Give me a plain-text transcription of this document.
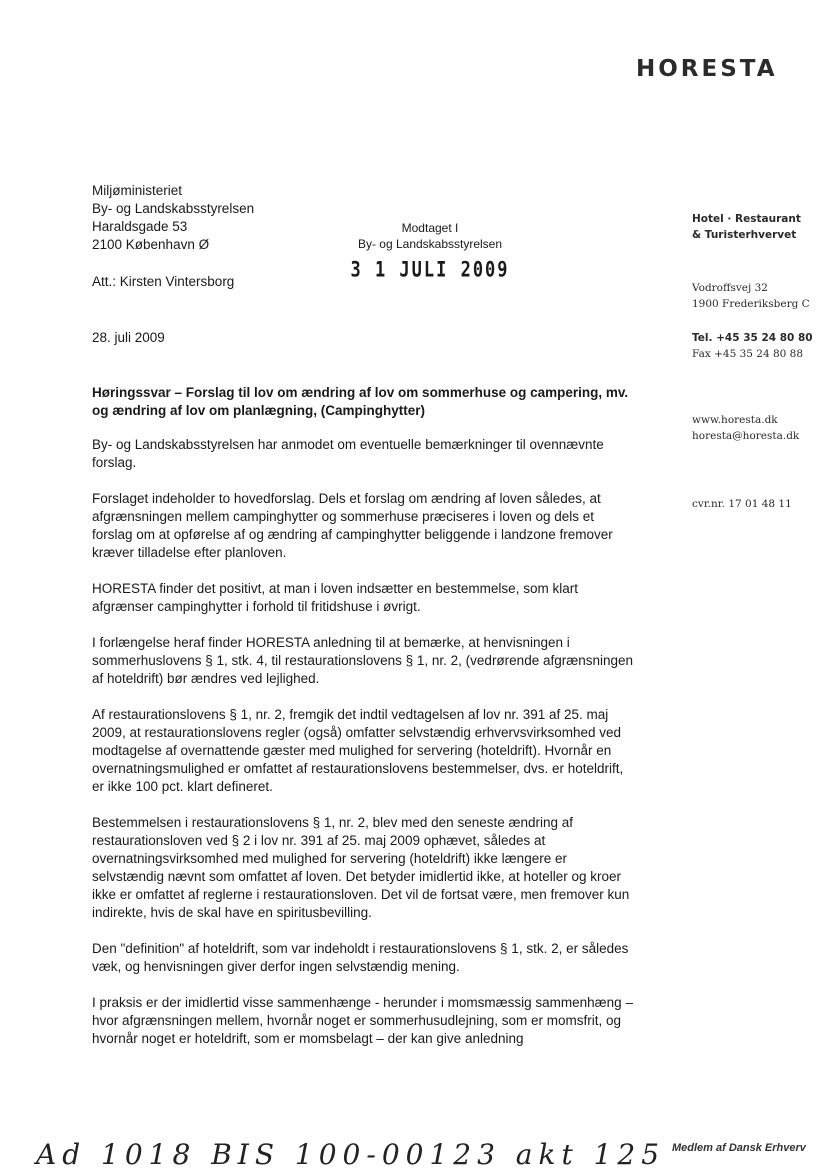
HORESTA
Miljøministeriet
By- og Landskabsstyrelsen
Haraldsgade 53
2100 København Ø
Att.: Kirsten Vintersborg
28. juli 2009
Modtaget I
By- og Landskabsstyrelsen
3 1 JULI 2009
Hotel · Restaurant
& Turisterhvervet
Vodroffsvej 32
1900 Frederiksberg C
Tel. +45 35 24 80 80
Fax +45 35 24 80 88
www.horesta.dk
horesta@horesta.dk
cvr.nr. 17 01 48 11
Høringssvar – Forslag til lov om ændring af lov om sommerhuse og campering, mv. og ændring af lov om planlægning, (Campinghytter)

By- og Landskabsstyrelsen har anmodet om eventuelle bemærkninger til ovennævnte forslag.

Forslaget indeholder to hovedforslag. Dels et forslag om ændring af loven således, at afgrænsningen mellem campinghytter og sommerhuse præciseres i loven og dels et forslag om at opførelse af og ændring af campinghytter beliggende i landzone fremover kræver tilladelse efter planloven.

HORESTA finder det positivt, at man i loven indsætter en bestemmelse, som klart afgrænser campinghytter i forhold til fritidshuse i øvrigt.

I forlængelse heraf finder HORESTA anledning til at bemærke, at henvisningen i sommerhuslovens § 1, stk. 4, til restaurationslovens § 1, nr. 2, (vedrørende afgrænsningen af hoteldrift) bør ændres ved lejlighed.

Af restaurationslovens § 1, nr. 2, fremgik det indtil vedtagelsen af lov nr. 391 af 25. maj 2009, at restaurationslovens regler (også) omfatter selvstændig erhvervsvirksomhed ved modtagelse af overnattende gæster med mulighed for servering (hoteldrift). Hvornår en overnatningsmulighed er omfattet af restaurationslovens bestemmelser, dvs. er hoteldrift, er ikke 100 pct. klart defineret.

Bestemmelsen i restaurationslovens § 1, nr. 2, blev med den seneste ændring af restaurationsloven ved § 2 i lov nr. 391 af 25. maj 2009 ophævet, således at overnatningsvirksomhed med mulighed for servering (hoteldrift) ikke længere er selvstændig nævnt som omfattet af loven. Det betyder imidlertid ikke, at hoteller og kroer ikke er omfattet af reglerne i restaurationsloven. Det vil de fortsat være, men fremover kun indirekte, hvis de skal have en spiritusbevilling.

Den "definition" af hoteldrift, som var indeholdt i restaurationslovens § 1, stk. 2, er således væk, og henvisningen giver derfor ingen selvstændig mening.

I praksis er der imidlertid visse sammenhænge - herunder i momsmæssig sammenhæng – hvor afgrænsningen mellem, hvornår noget er sommerhusudlejning, som er momsfrit, og hvornår noget er hoteldrift, som er momsbelagt – der kan give anledning

Ad 1018 BIS 100-00123 akt 125 Medlem af Dansk Erhverv
